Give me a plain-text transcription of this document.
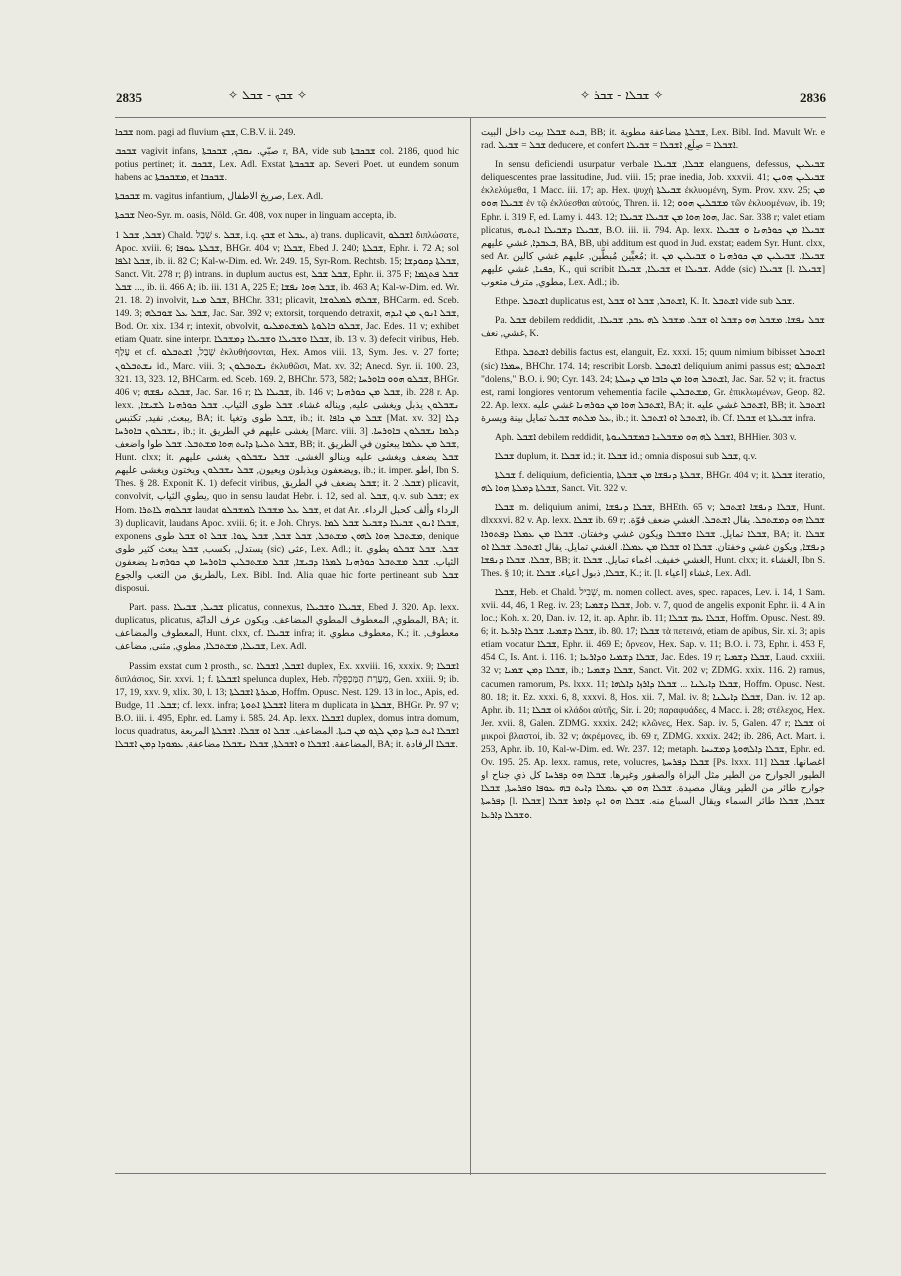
2835	✧ ܫܒܟ - ܫܒܠ ✧	✧ ܫܒܠܐ - ܫܒܪ ✧	2836

ܫܒܟܐ nom. pagi ad fluvium ܫܒܟ, C.B.V. ii. 249.

ܫܒܟܒ vagivit infans, صبّي. ܢܩܒܟ, ܫܒܟܒܬܐ r, BA, vide sub ܫܒܟܒܬܐ col. 2186, quod hic potius pertinet; it. ܫܒܟܒ, Lex. Adl. Exstat ܫܒܟܒܬܐ ap. Severi Poet. ut eundem sonum habens ac ܡܫܒܟܒܬܐ, et ܫܒܟܒܐ.

ܫܒܟܒܬܐ m. vagitus infantium, صريخ الاطفال, Lex. Adl.

ܫܒܟܬܐ Neo-Syr. m. oasis, Nöld. Gr. 408, vox nuper in linguam accepta, ib.

ܫܒܠ, ܫܒܠ 1) Chald. שְׁבַל s. ܫܒܠ, i.q. ܫܒܟ et ܥܒܠ, a) trans. duplicavit, ܐܫܒܠܘ διπλώσατε, Apoc. xviii. 6; ܫܒܠܬܐ ܥܘܦܐ, BHGr. 404 v; ܫܒܠܐ, Ebed J. 240; ܫܒܠܬܐ, Ephr. i. 72 A; sol ܫܒܠ ܐܠܦܐ, ib. ii. 82 C; Kal-w-Dim. ed. Wr. 249. 15, Syr-Rom. Rechtsb. 15; ܫܒܠܬܐ ܕܩܘܕܫܐ, Sanct. Vit. 278 r; β) intrans. in duplum auctus est, ܫܒܠ ܫܒܠ, Ephr. ii. 375 F; ܫܒܠ ܦܬܓܡܐ ... ܫܒܠ, ib. ii. 466 A; ib. iii. 131 A, 225 E; ܫܒܠ ܗܘܐ ܢܦܫܐ, ib. 463 A; Kal-w-Dim. ed. Wr. 21. 18. 2) involvit, ܫܒܠ ܡܢܐ, BHChr. 331; plicavit, ܫܒܠܗ ܠܡܠܘܫܐ, BHCarm. ed. Sceb. 149. 3; ܫܒܠ ܥܠ ܫܘܒܠܗ, Jac. Sar. 392 v; extorsit, torquendo detraxit, ܫܒܠ ܐܢܘܢ ܡܢ ܐܝܕܗ, Bod. Or. xix. 134 r; intexit, obvolvit, ܫܒܠܘ ܒܐܠܘܬܐ ܠܡܫܬܡܠܝܘ, Jac. Edes. 11 v; exhibet etiam Quatr. sine interpr. ܫܒܠܐ ܘܫܒܝܠܐ ܘܫܒܝܠܐ ܕܡܫܒܠܐ, ib. 13 v. 3) defecit viribus, Heb. עָלַף et cf. שָׁבַל, ܐܫܬܒܠܘ ἐκλυθήσονται, Hex. Amos viii. 13, Sym. Jes. v. 27 forte; ܢܫܬܒܠܘܢ id., Marc. viii. 3; ܢܫܬܒܠܘܢ ἐκλυθῶσι, Mat. xv. 32; Anecd. Syr. ii. 100. 23, 321. 13, 323. 12, BHCarm. ed. Sceb. 169. 2, BHChr. 573, 582; ܫܒܠܘ ܗܘܘ ܒܐܘܪܚܐ, BHGr. 406 v; ܫܒܠܬ ܢܦܫܗ, Jac. Sar. 16 r; ܫܒܝܠܐ ܠܐ, ib. 146 v; ܫܒܠ ܡܢ ܟܘܪܗܢܐ, ib. 228 r. Ap. lexx. ܢܫܒܠܘܢ يذبل ويغشى عليه, ويناله غشاء. ܫܒܠ طوى الثياب. ܫܒܠ ܟܘܪܗܢܐ ܠܫܝܫܐ, يبعث, نفيد, تكتبس, BA; it. ܫܒܠ طوى وتغيا, ib.; it. ܫܒܠ ܡܢ ܟܐܦܐ [Mat. xv. 32] ܕܠܐ ܢܫܒܠܘܢ ܒܐܘܪܚܐ, ib.; it. يغشى عليهم في الطريق [Marc. viii. 3] ܕܠܡܐ ܢܫܒܠܘܢ ܒܐܘܪܚܐ. ܫܒܠ ܬܠܝܬܐ ܕܐܝܬ ܗܘܐ ܡܫܬܒܠ. ܫܒܠ طوا واضعف, BB; it. ܫܒܠ ܡܢ ܥܠܡܐ يبعثون في الطريق, Hunt. clxx; it. ܫܒܠ يضعف ويغشى عليه وينالو الغشى. ܫܒܠ ܢܫܒܠܘܢ يغشى عليهم ويضعفون ويذبلون ويعيون, ܫܒܠ ܢܫܒܠܘܢ ويختون ويغشى عليهم, ib.; it. imper. اطو, Ibn S. Thes. § 28. Exponit K. 1) defecit viribus, ܫܒܠ يضعف في الطريق; it. ܫܒܠ. 2) plicavit, convolvit, يطوي الثياب, quo in sensu laudat Hebr. i. 12, sed al. ܫܒܠ, q.v. sub ܫܒܠ; ex Hom. ܫܒܠܘܗ ܠܐܬܪܐ laudat ܫܒܠ ܥܠ ܡܫܒܠܐ ܠܡܫܒܠܘ, et dat Ar. الرداء وألف كحبل الرداء. 3) duplicavit, laudans Apoc. xviii. 6; it. e Joh. Chrys. ܫܒܠܐ ܐܢܘܢ ܫܒܝܠܐ ܕܫܒܝܠ ܫܒܠ ܠܡܐ, exponens ܡܫܬܒܠ ܗܘܐ ܠܗܘܢ ܡܫܬܒܠ, ܫܒܠ ܫܒܠ, ܫܒܠ ܛܘܐ. ܫܒܠ ܐܘ ܫܒܠ طوى, denique يستدل, بكسب, ܫܒܠ يبعث كثير طوى (sic) عثى, Lex. Adl.; it. ܫܒܠ. ܫܒܠ ܫܒܠܘ يطوي الثياب. ܫܒܠ ܡܫܬܒܠ ܟܘܪܗܢܐ ܠܡܪܐ ܕܒܝܫܐ, ܫܒܠ ܡܫܬܒܠܝܢ ܒܐܘܪܚܐ ܡܢ ܟܘܪܗܢܐ يضعفون بالطريق من التعب والجوع, Lex. Bibl. Ind. Alia quae hic forte pertineant sub ܫܒܠ disposui.

Part. pass. ܫܒܝܠ, ܫܒܝܠܐ plicatus, connexus, ܫܒܝܠܐ ܘܫܒܝܠܐ, Ebed J. 320. Ap. lexx. duplicatus, plicatus, المطوي, المعطوف المطوي المضاعف. ويكون عرف الدابّة, BA; it. المعطوف والمضاعف, Hunt. clxx, cf. ܫܒܝܠܐ infra; it. معطوف مطوي, K.; it. معطوف, ܫܒܝܠܐ, ܡܫܬܒܠܐ, مطوي, مثنى, مضاعف, Lex. Adl.

Passim exstat cum ܐ prosth., sc. ܐܫܒܠ, ܐܫܒܠܐ duplex, Ex. xxviii. 16, xxxix. 9; ܐܫܒܠܐ διπλάσιος, Sir. xxvi. 1; f. ܐܫܒܠܬܐ spelunca duplex, Heb. מְעָרַת הַמַּכְפֵּלָה, Gen. xxiii. 9; ib. 17, 19, xxv. 9, xlix. 30, l. 13; ܡܥܪܬܐ ܐܫܒܠܬܐ, Hoffm. Opusc. Nest. 129. 13 in loc., Apis, ed. Budge, ܫܒܠ. 11; cf. lexx. infra; ܐܫܒܠܬܐ ܐܬܘܬܐ litera m duplicata in ܫܒܠܬܐ, BHGr. Pr. 97 v; B.O. iii. i. 495, Ephr. ed. Lamy i. 585. 24. Ap. lexx. ܐܫܒܠܐ duplex, domus intra domum, locus quadratus, ܐܫܒܠܐ ܐܝܬ ܒܝܬܐ ܕܡܢ ܠܓܘ ܡܢ ܒܝܬܐ. المضاعف. ܫܒܠ ܐܘ ܫܒܠܐ. ܐܫܒܠܬܐ المربعة المضاعفة. ܐܫܒܠܐ ܘ ܐܫܒܠܬܐ, ܫܒܠܐ ܢܫܒܠܐ مضاعفة, ܥܡܘܕܐ ܕܡܢ ܐܫܒܠܐ, BA; it. ܫܒܠܐ الرفادة.

ܒܝܬ ܫܒܠܐ بيت داخل البيت, BB; it. ܫܒܠܬܐ مضاعفة مطوية, Lex. Bibl. Ind. Mavult Wr. e rad. ܫܒܠ = ܫܒܝܠ deducere, et confert ܐܫܒܠܐ = صِلَع, ܐܫܒܠܐ = ܫܒܝܠܐ.

In sensu deficiendi usurpatur verbale ܫܒܠܐ, ܫܒܝܠܐ elanguens, defessus, ܫܒܝܠܝܢ deliquescentes prae lassitudine, Jud. viii. 15; prae inedia, Job. xxxvii. 41; ܫܒܝܠܝܢ ܗܘܝܢ ἐκλελύμεθα, 1 Macc. iii. 17; ap. Hex. ψυχὴ ܫܒܝܠܬܐ ἐκλυομένη, Sym. Prov. xxv. 25; ܡܢ ܫܒܝܠܐ ܗܘܘ ἐν τῷ ἐκλύεσθαι αὐτούς, Thren. ii. 12; ܡܫܒܠܝܢ ܗܘܘ τῶν ἐκλυομένων, ib. 19; Ephr. i. 319 F, ed. Lamy i. 443. 12; ܗܘܐ ܗܘܐ ܡܢ ܫܒܝܠܐ ܫܒܝܠܐ, Jac. Sar. 338 r; valet etiam plicatus, ܫܒܝܠܐ ܕܫܒܝܠܐ ܐܝܬܝܗ, B.O. iii. ii. 794. Ap. lexx. ܫܒܝܠܐ ܡܢ ܟܘܪܗܢܐ ܘ ܫܒܝܠܐ ܒܥܒܕܐ, غشي عليهم, BA, BB, ubi additum est quod in Jud. exstat; eadem Syr. Hunt. clxx, sed Ar. مُعيِّين مُبطَّين, عليهم غشي كالين; it. ܫܒܝܠܐ. ܫܒܝܠܝܢ ܡܢ ܟܘܪܗܢܐ ܘ ܫܒܝܠܝܢ ܡܢ ܟܦܢܐ, غشي عليهم, K., qui scribit ܫܒܝܠܐ, ܫܒܝܠܐ et ܫܒܝܠܐ. Adde (sic) ܫܒܝܠܐ [l. ܫܒܝܠܐ] مطوي, مترف متعوب, Lex. Adl.; ib.

Ethpe. ܐܫܬܒܠ duplicatus est, ܐܫܬܒܠ, ܫܒܠ ܐܘ ܫܒܠ, K. It. ܐܫܬܒܠ vide sub ܫܒܠ.

Pa. ܫܒܠ debilem reddidit, ܫܒܠ ܢܦܫܐ. ܡܫܒܠ ܗܘ ܕܫܒܠ ܐܘ ܫܒܠ. ܡܫܒܠ ܠܗ ܥܒܕ. ܫܒܝܠܐ. غشي, نعف, K.

Ethpa. ܐܫܬܒܠ debilis factus est, elanguit, Ez. xxxi. 15; quum nimium bibisset ܐܫܬܒܠ (sic) ܚܡܪܐ, BHChr. 174. 14; rescribit Lorsb. ܐܫܬܒܠ deliquium animi passus est; ܐܫܬܒܠܘ "dolens," B.O. i. 90; Cyr. 143. 24; ܐܫܬܒܠ ܗܘܐ ܡܢ ܟܐܒܐ ܡܢ ܕܚܠܬܐ, Jac. Sar. 52 v; it. fractus est, rami longiores ventorum vehementia facile ܡܫܬܒܠܝܢ, Gr. ἐπικλωμένων, Geop. 82. 22. Ap. lexx. ܐܫܬܒܠ ܗܘܐ ܡܢ ܟܘܪܗܢܐ غشي عليه, BA; it. ܐܫܬܒܠ غشي عليه, BB; it. ܐܫܬܒܠ ܥܠ ܡܠܬܗ ܫܒܝܠ تمايل بينة ويسرة, ib.; it. ܐܫܬܒܠ ܐܘ ܐܫܬܒܠ, ib. Cf. ܫܒܠܐ et ܫܒܝܠܬܐ infra.

Aph. ܐܫܒܠ debilem reddidit, ܐܫܒܠ ܠܗ ܗܘ ܡܫܒܠܢܐ ܒܡܫܒܠܢܘܬܐ, BHHier. 303 v.

ܫܒܠܐ duplum, it. ܫܒܠܐ id.; it. ܫܒܠܐ id.; omnia disposui sub ܫܒܠ, q.v.

ܫܒܠܬܐ f. deliquium, deficientia, ܫܒܠܬܐ ܕܢܦܫܐ ܡܢ ܫܒܠܬܐ, BHGr. 404 v; it. ܫܒܠܬܐ iteratio, ܫܒܠܬܐ ܕܡܠܬܐ ܗܘܐ ܠܗ, Sanct. Vit. 322 v.

ܫܒܠܐ m. deliquium animi, ܫܒܠܐ ܕܢܦܫܐ, BHEth. 65 v; ܫܒܠܐ ܕܢܦܫܐ ܐܫܬܒܠ, Hunt. dlxxxvi. 82 v. Ap. lexx. ܫܒܠܐ ib. 69 r; ܫܒܠܐ ܗܘ ܕܡܫܬܒܠ. يقال ܐܫܬܒܠ. الغشي ضعف قوّة. ܫܒܠܐ تمايل. ܫܒܠܐ ܘܫܒܠܐ ويكون غشي وخفتان. ܫܒܠܐ ܡܢ ܥܡܠܐ ܕܦܬܘܪܐ, BA; it. ܫܒܠܐ ܕܢܦܫܐ, ويكون غشي وخفتان. ܫܒܠܐ ܐܘ ܫܒܠܐ ܡܢ ܥܡܠܐ. الغشي تمايل. يقال ܐܫܬܒܠ. ܫܒܠܐ ܐܘ ܫܒܠܐ. ܫܒܠܐ ܕܢܦܫܐ, BB; it. الغشي خفيف. اغماء تمايل. ܫܒܠܐ, Hunt. clxx; it. الغشاء, Ibn S. Thes. § 10; it. ܫܒܠܐ, ذبول اعياء. ܫܒܠܐ, K.; it. [l. اعياء] غشاء, Lex. Adl.

ܫܒܠܐ, Heb. et Chald. שְׁבִיל, m. nomen collect. aves, spec. rapaces, Lev. i. 14, 1 Sam. xvii. 44, 46, 1 Reg. iv. 23; ܫܒܠܐ ܕܫܡܝܐ, Job. v. 7, quod de angelis exponit Ephr. ii. 4 A in loc.; Koh. x. 20, Dan. iv. 12, it. ap. Aphr. ib. 11; ܫܒܠܐ ܥܡ ܫܒܠܐ, Hoffm. Opusc. Nest. 89. 6; it. ܫܒܠܐ ܕܫܡܝܐ. ܫܒܠܐ ܕܐܪܥܐ, ib. 80. 17; ܫܒܠܐ τὰ πετεινά, etiam de apibus, Sir. xi. 3; apis etiam vocatur ܫܒܠܐ, Ephr. ii. 469 E; ὄρνεον, Hex. Sap. v. 11; B.O. i. 73, Ephr. i. 453 F, 454 C, Is. Ant. i. 116. 1; ܫܒܠܐ ܕܫܡܝܐ ܘܕܐܪܥܐ, Jac. Edes. 19 r; ܫܒܠܐ ܕܫܡܝܐ, Laud. cxxiii. 32 v; ܫܒܠܐ ܕܡܢ ܫܡܝܐ, ib.; ܫܒܠܐ ܕܫܡܝܐ, Sanct. Vit. 202 v; ZDMG. xxix. 116. 2) ramus, cacumen ramorum, Ps. lxxx. 11; ܫܒܠܐ ܕܐܝܠܢܐ ... ܫܒܠܐ ܕܐܪܙܐ ܕܐܠܗܐ, Hoffm. Opusc. Nest. 80. 18; it. Ez. xxxi. 6, 8, xxxvi. 8, Hos. xii. 7, Mal. iv. 8; ܫܒܠܐ ܕܐܝܠܢܐ, Dan. iv. 12 ap. Aphr. ib. 11; ܫܒܠܐ οἱ κλάδοι αὐτῆς, Sir. i. 20; παραφυάδες, 4 Macc. i. 28; στέλεχος, Hex. Jer. xvii. 8, Galen. ZDMG. xxxix. 242; κλῶνες, Hex. Sap. iv. 5, Galen. 47 r; ܫܒܠܐ οἱ μικροὶ βλαστοί, ib. 32 v; ἀκρέμονες, ib. 69 r, ZDMG. xxxix. 242; ib. 286, Act. Mart. i. 253, Aphr. ib. 10, Kal-w-Dim. ed. Wr. 237. 12; metaph. ܫܒܠܐ ܕܐܠܗܘܬܐ ܕܡܫܝܚܐ, Ephr. ed. Ov. 195. 25. Ap. lexx. ramus, rete, volucres, ܫܒܠܐ ܕܦܪܚܬܐ [Ps. lxxx. 11] اغصانها. ܫܒܠܐ الطيور الجوارح من الطير مثل البزاة والصقور وغيرها. ܫܒܠܐ ܗܘ ܕܦܪܚܐ كل ذي جناح او جوارح طائر من الطير ويقال مصيدة. ܫܒܠܐ ܗܘ ܡܢ ܥܡܠܐ ܕܐܝܬ ܒܗ ܥܘܦܐ ܘܦܪܚܬܐ, ܫܒܠܐ ܕܦܪܚܬܐ [l. ܫܒܠܐ] ܫܒܠܐ, ܫܒܠܐ طائر السماء ويقال السباع منه. ܫܒܠܐ ܗܘ ܐܝܟ ܕܐܡܪ ܫܒܠܐ ܘܫܒܠܐ ܕܐܪܥܐ.
